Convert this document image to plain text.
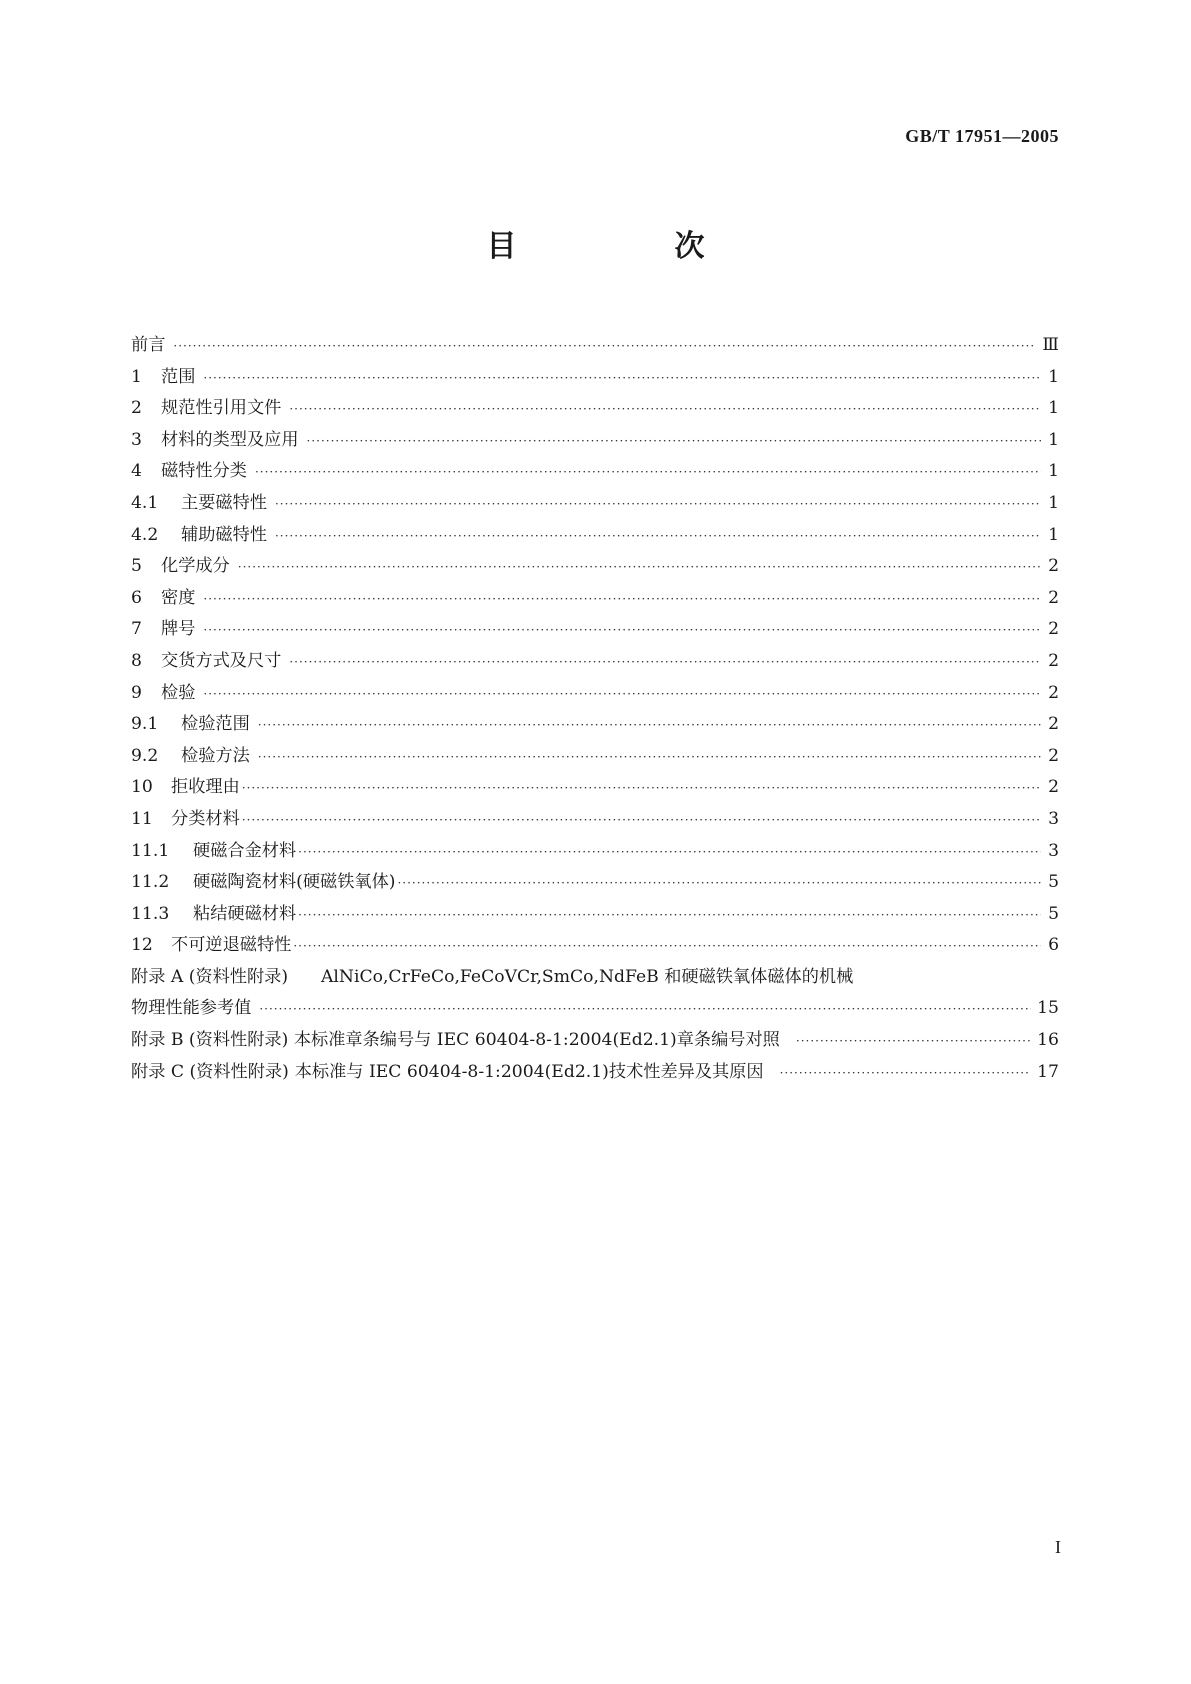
GB/T 17951—2005
目　次
前言 ·····	Ⅲ
1	范围 ·····	1
2	规范性引用文件 ·····	1
3	材料的类型及应用 ·····	1
4	磁特性分类 ·····	1
4.1	主要磁特性 ·····	1
4.2	辅助磁特性 ·····	1
5	化学成分 ·····	2
6	密度 ·····	2
7	牌号 ·····	2
8	交货方式及尺寸 ·····	2
9	检验 ·····	2
9.1	检验范围 ·····	2
9.2	检验方法 ·····	2
10	拒收理由 ·····	2
11	分类材料 ·····	3
11.1	硬磁合金材料 ·····	3
11.2	硬磁陶瓷材料(硬磁铁氧体) ·····	5
11.3	粘结硬磁材料 ·····	5
12	不可逆退磁特性 ·····	6
附录 A (资料性附录) AlNiCo,CrFeCo,FeCoVCr,SmCo,NdFeB 和硬磁铁氧体磁体的机械
物理性能参考值 ·····	15
附录 B (资料性附录) 本标准章条编号与 IEC 60404-8-1:2004(Ed2.1)章条编号对照 ·····	16
附录 C (资料性附录) 本标准与 IEC 60404-8-1:2004(Ed2.1)技术性差异及其原因 ·····	17
I
